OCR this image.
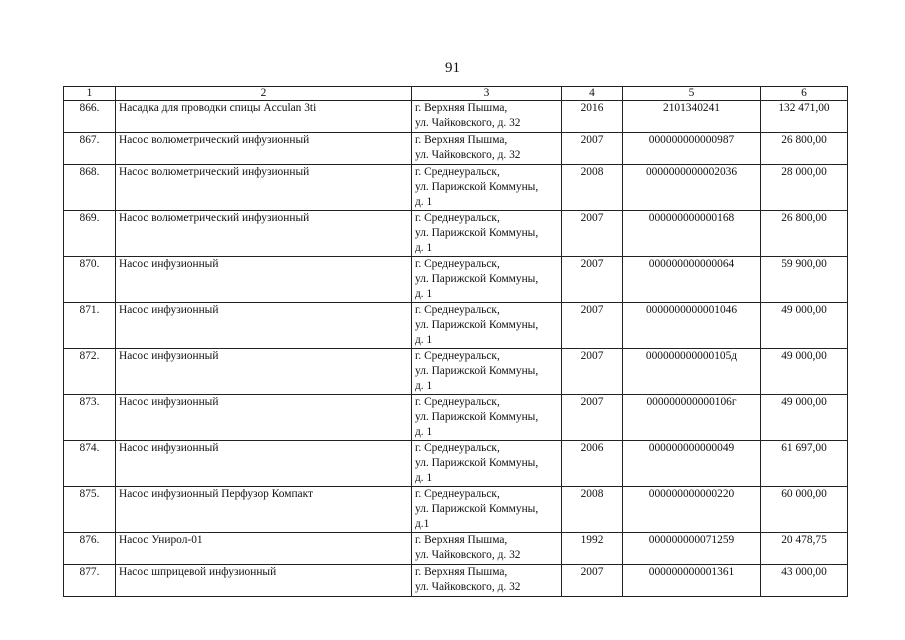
91
1	2	3	4	5	6
866.	Насадка для проводки спицы Acculan 3ti	г. Верхняя Пышма,
ул. Чайковского, д. 32	2016	2101340241	132 471,00
867.	Насос волюметрический инфузионный	г. Верхняя Пышма,
ул. Чайковского, д. 32	2007	000000000000987	26 800,00
868.	Насос волюметрический инфузионный	г. Среднеуральск,
ул. Парижской Коммуны,
д. 1	2008	0000000000002036	28 000,00
869.	Насос волюметрический инфузионный	г. Среднеуральск,
ул. Парижской Коммуны,
д. 1	2007	000000000000168	26 800,00
870.	Насос инфузионный	г. Среднеуральск,
ул. Парижской Коммуны,
д. 1	2007	000000000000064	59 900,00
871.	Насос инфузионный	г. Среднеуральск,
ул. Парижской Коммуны,
д. 1	2007	0000000000001046	49 000,00
872.	Насос инфузионный	г. Среднеуральск,
ул. Парижской Коммуны,
д. 1	2007	000000000000105д	49 000,00
873.	Насос инфузионный	г. Среднеуральск,
ул. Парижской Коммуны,
д. 1	2007	000000000000106г	49 000,00
874.	Насос инфузионный	г. Среднеуральск,
ул. Парижской Коммуны,
д. 1	2006	000000000000049	61 697,00
875.	Насос инфузионный Перфузор Компакт	г. Среднеуральск,
ул. Парижской Коммуны,
д.1	2008	000000000000220	60 000,00
876.	Насос Унирол-01	г. Верхняя Пышма,
ул. Чайковского, д. 32	1992	000000000071259	20 478,75
877.	Насос шприцевой инфузионный	г. Верхняя Пышма,
ул. Чайковского, д. 32	2007	000000000001361	43 000,00
